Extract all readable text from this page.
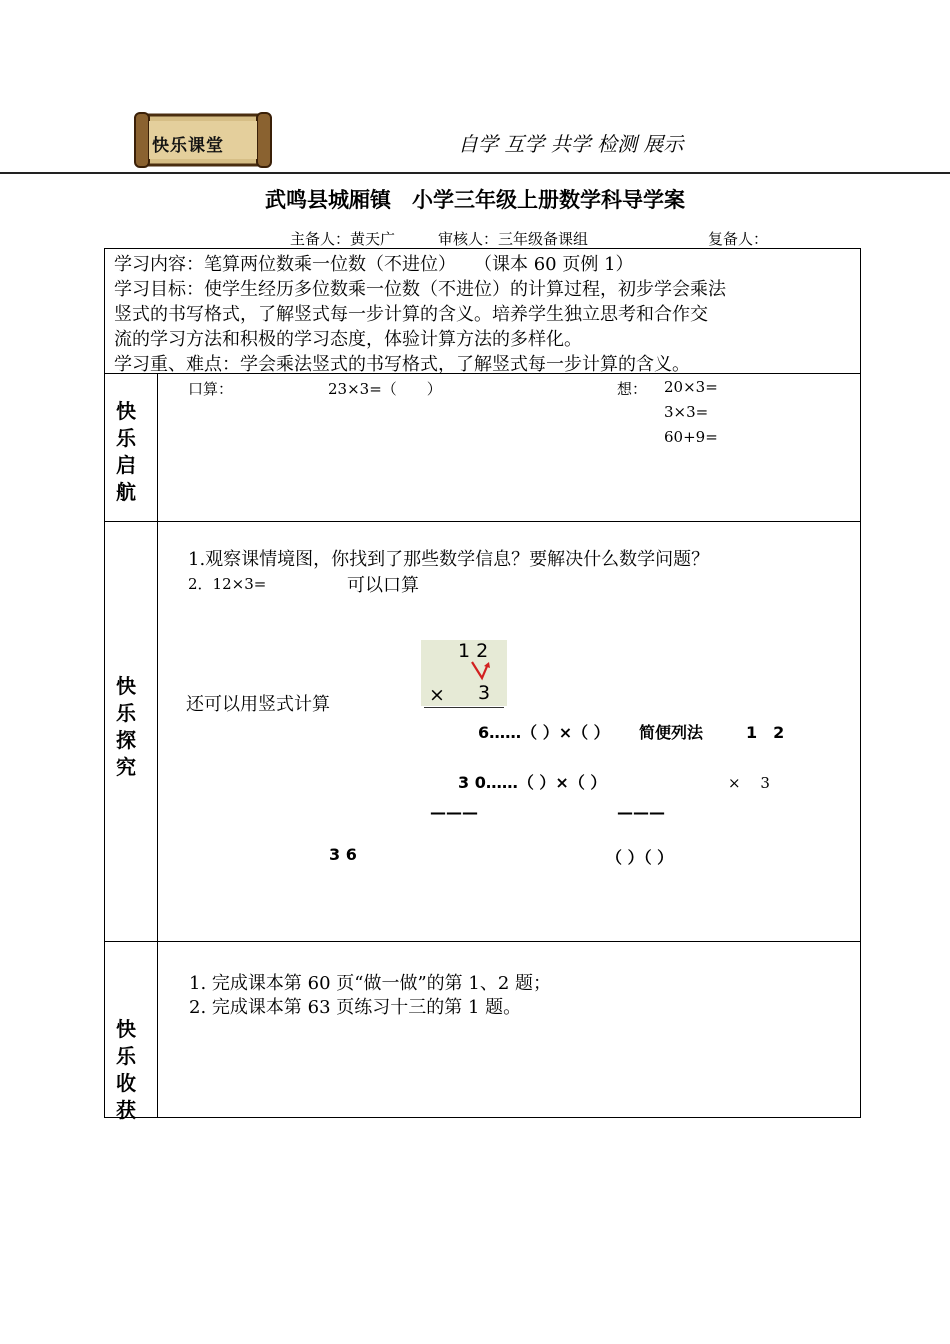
快乐课堂	自学 互学 共学 检测 展示
武鸣县城厢镇　小学三年级上册数学科导学案
主备人：黄天广	审核人：三年级备课组	复备人：
学习内容：笔算两位数乘一位数（不进位）　　（课本 60 页例 1）
学习目标：使学生经历多位数乘一位数（不进位）的计算过程，初步学会乘法
竖式的书写格式，了解竖式每一步计算的含义。培养学生独立思考和合作交
流的学习方法和积极的学习态度，体验计算方法的多样化。
学习重、难点：学会乘法竖式的书写格式，了解竖式每一步计算的含义。
快
乐
启
航
口算：	23×3=（　　）	想： 20×3=
3×3=
60+9=
快
乐
探
究
1.观察课情境图，你找到了那些数学信息？要解决什么数学问题？
2．12×3=	可以口算
还可以用竖式计算
1 2
× 3
6……（ ）×（ ） 简便列法	1　2
3 0……（ ）×（ ）	×　 3
———	———
3 6	（ ）（ ）
快
乐
收
获
1. 完成课本第 60 页“做一做”的第 1、2 题；
2. 完成课本第 63 页练习十三的第 1 题。
